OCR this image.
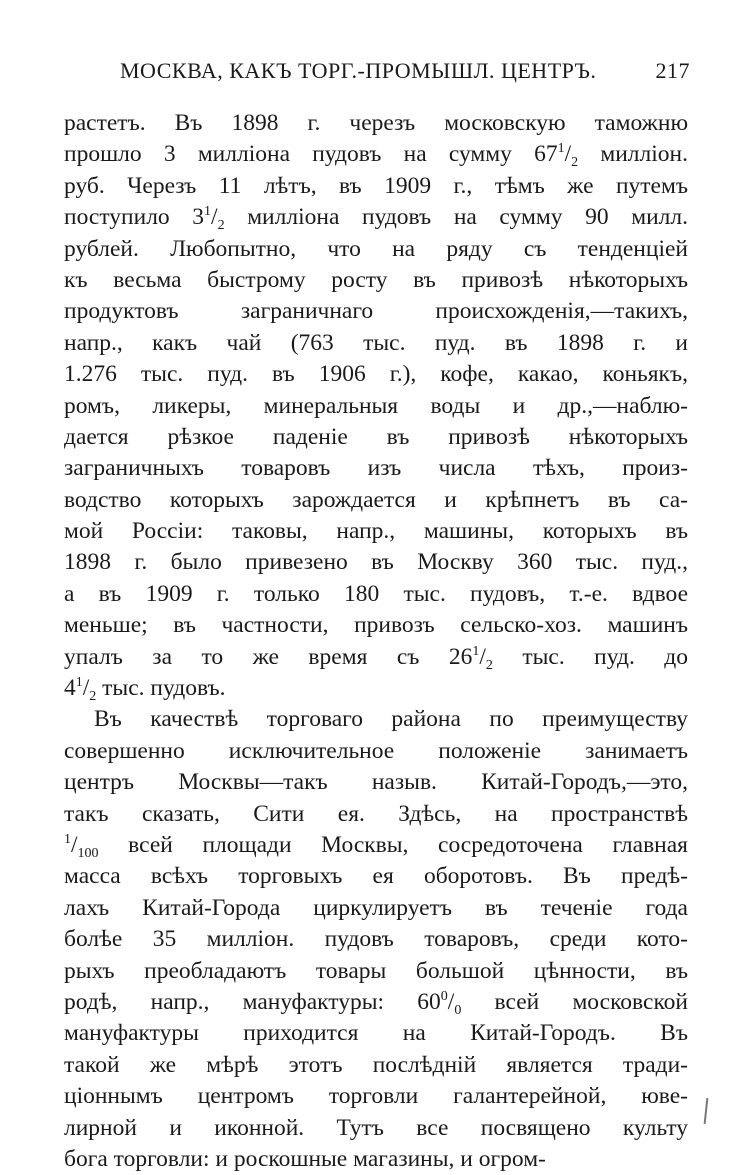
МОСКВА, КАКЪ ТОРГ.-ПРОМЫШЛ. ЦЕНТРЪ.	217
растетъ. Въ 1898 г. черезъ московскую таможню
прошло 3 милліона пудовъ на сумму $67^1/_2$ милліон.
руб. Черезъ 11 лѣтъ, въ 1909 г., тѣмъ же путемъ
поступило $3^1/_2$ милліона пудовъ на сумму 90 милл.
рублей. Любопытно, что на ряду съ тенденціей
къ весьма быстрому росту въ привозѣ нѣкоторыхъ
продуктовъ заграничнаго происхожденія,—такихъ,
напр., какъ чай (763 тыс. пуд. въ 1898 г. и
1.276 тыс. пуд. въ 1906 г.), кофе, какао, коньякъ,
ромъ, ликеры, минеральныя воды и др.,—наблю-
дается рѣзкое паденіе въ привозѣ нѣкоторыхъ
заграничныхъ товаровъ изъ числа тѣхъ, произ-
водство которыхъ зарождается и крѣпнетъ въ са-
мой Россіи: таковы, напр., машины, которыхъ въ
1898 г. было привезено въ Москву 360 тыс. пуд.,
а въ 1909 г. только 180 тыс. пудовъ, т.-е. вдвое
меньше; въ частности, привозъ сельско-хоз. машинъ
упалъ за то же время съ $26^1/_2$ тыс. пуд. до
$4^1/_2$ тыс. пудовъ.
Въ качествѣ торговаго района по преимуществу
совершенно исключительное положеніе занимаетъ
центръ Москвы—такъ назыв. Китай-Городъ,—это,
такъ сказать, Сити ея. Здѣсь, на пространствѣ
$^1/_{100}$ всей площади Москвы, сосредоточена главная
масса всѣхъ торговыхъ ея оборотовъ. Въ предѣ-
лахъ Китай-Города циркулируетъ въ теченіе года
болѣе 35 милліон. пудовъ товаровъ, среди кото-
рыхъ преобладаютъ товары большой цѣнности, въ
родѣ, напр., мануфактуры: $60^0/_0$ всей московской
мануфактуры приходится на Китай-Городъ. Въ
такой же мѣрѣ этотъ послѣдній является тради-
ціоннымъ центромъ торговли галантерейной, юве-
лирной и иконной. Тутъ все посвящено культу
бога торговли: и роскошные магазины, и огром-
